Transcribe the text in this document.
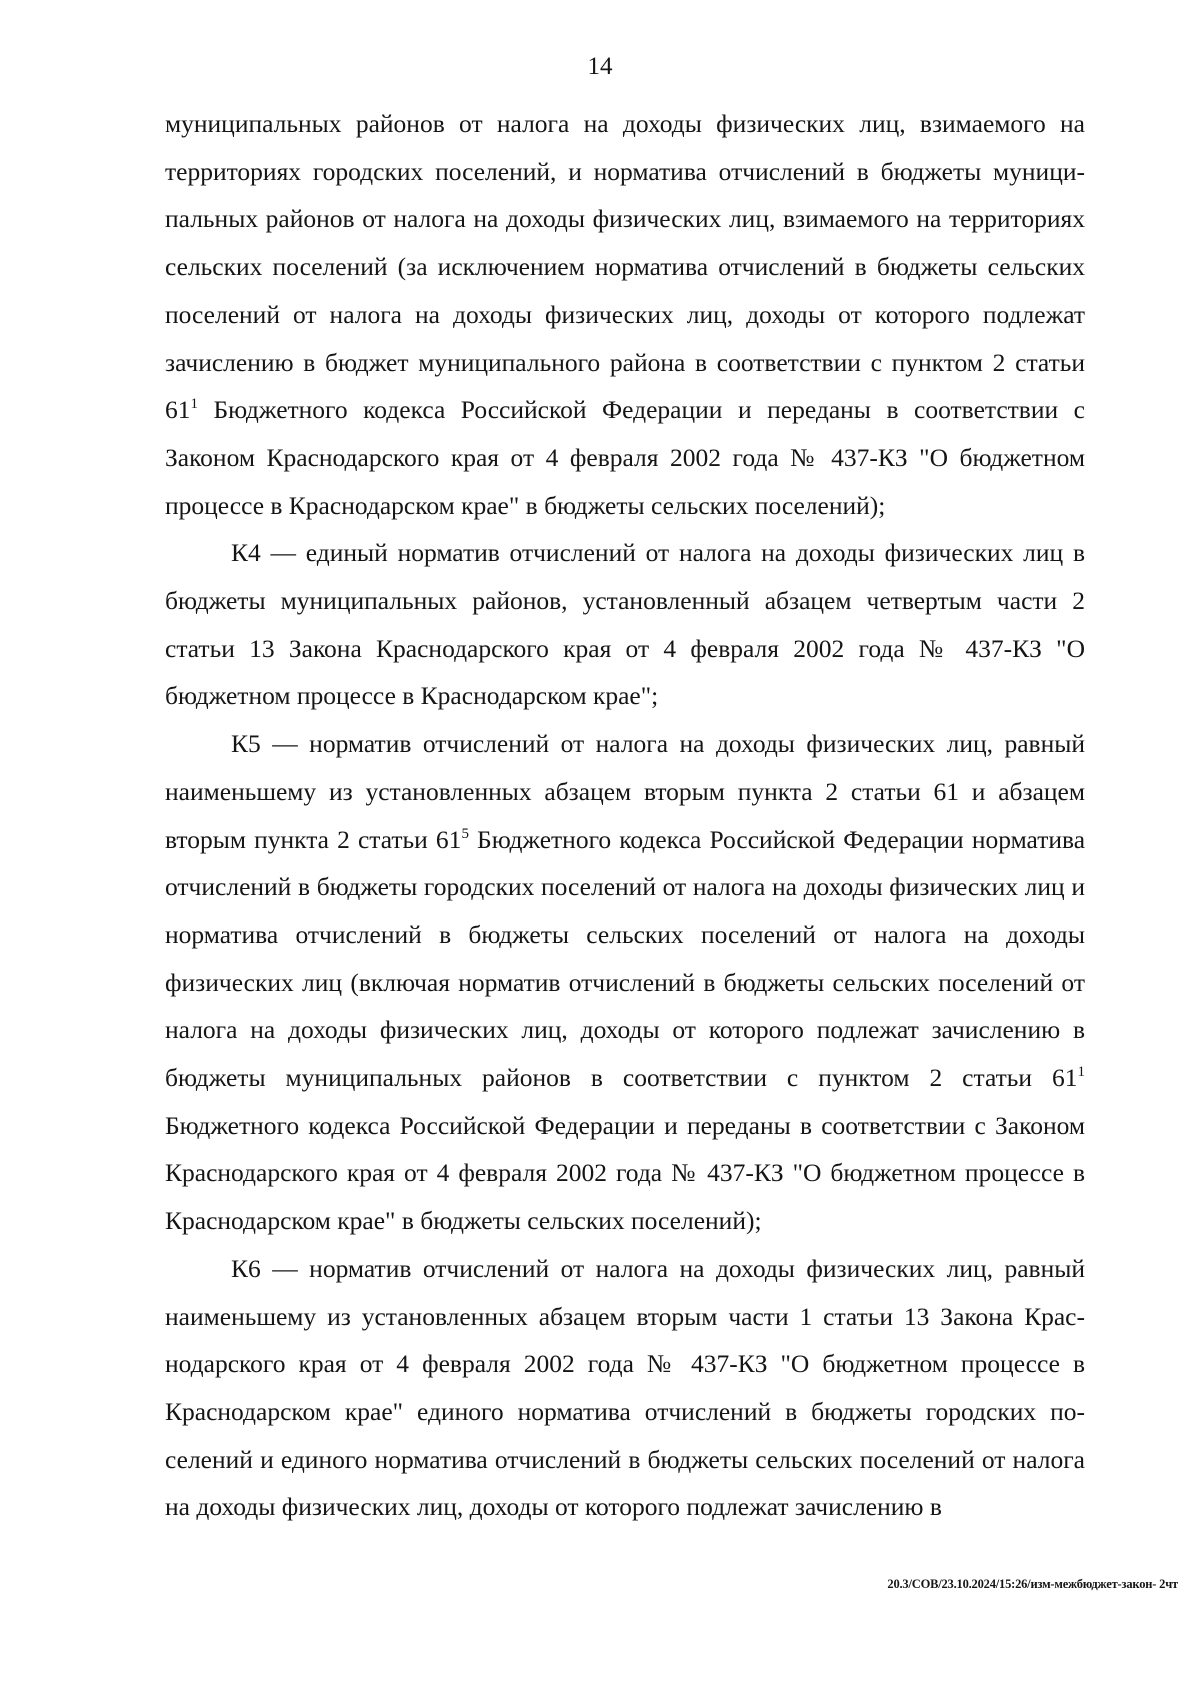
14

муниципальных районов от налога на доходы физических лиц, взимаемого на территориях городских поселений, и норматива отчислений в бюджеты муниципальных районов от налога на доходы физических лиц, взимаемого на территориях сельских поселений (за исключением норматива отчислений в бюджеты сельских поселений от налога на доходы физических лиц, доходы от которого подлежат зачислению в бюджет муниципального района в соответствии с пунктом 2 статьи $61^1$ Бюджетного кодекса Российской Федерации и переданы в соответствии с Законом Краснодарского края от 4 февраля 2002 года № 437-КЗ "О бюджетном процессе в Краснодарском крае" в бюджеты сельских поселений);

К4 — единый норматив отчислений от налога на доходы физических лиц в бюджеты муниципальных районов, установленный абзацем четвертым части 2 статьи 13 Закона Краснодарского края от 4 февраля 2002 года № 437-КЗ "О бюджетном процессе в Краснодарском крае";

К5 — норматив отчислений от налога на доходы физических лиц, равный наименьшему из установленных абзацем вторым пункта 2 статьи 61 и абзацем вторым пункта 2 статьи $61^5$ Бюджетного кодекса Российской Федерации норматива отчислений в бюджеты городских поселений от налога на доходы физических лиц и норматива отчислений в бюджеты сельских поселений от налога на доходы физических лиц (включая норматив отчислений в бюджеты сельских поселений от налога на доходы физических лиц, доходы от которого подлежат зачислению в бюджеты муниципальных районов в соответствии с пунктом 2 статьи $61^1$ Бюджетного кодекса Российской Федерации и переданы в соответствии с Законом Краснодарского края от 4 февраля 2002 года № 437-КЗ "О бюджетном процессе в Краснодарском крае" в бюджеты сельских поселений);

К6 — норматив отчислений от налога на доходы физических лиц, равный наименьшему из установленных абзацем вторым части 1 статьи 13 Закона Краснодарского края от 4 февраля 2002 года № 437-КЗ "О бюджетном процессе в Краснодарском крае" единого норматива отчислений в бюджеты городских поселений и единого норматива отчислений в бюджеты сельских поселений от налога на доходы физических лиц, доходы от которого подлежат зачислению в

20.3/СОВ/23.10.2024/15:26/изм-межбюджет-закон- 2чт
